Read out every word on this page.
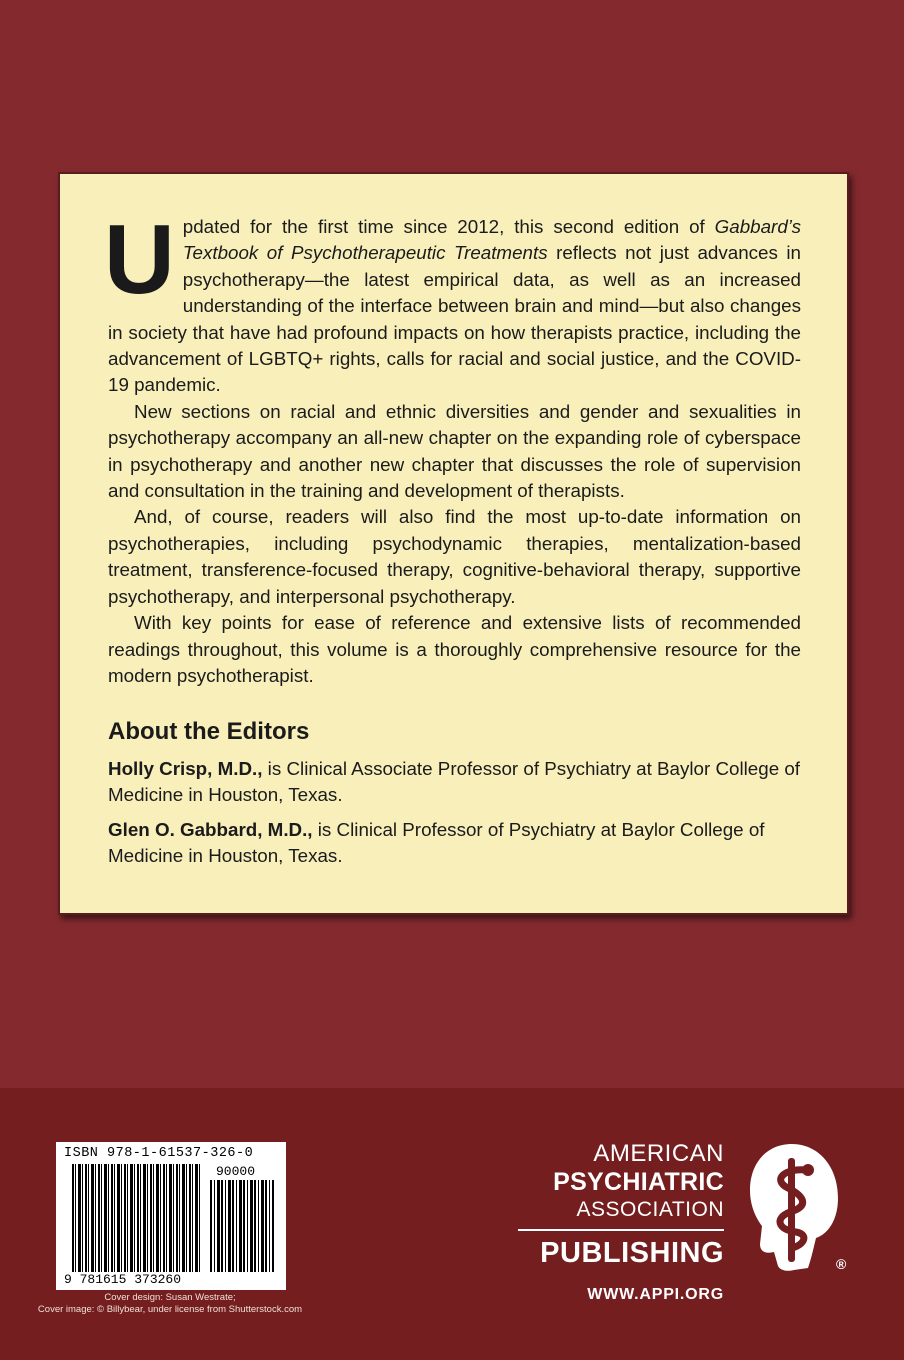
Updated for the first time since 2012, this second edition of Gabbard’s Textbook of Psychotherapeutic Treatments reflects not just advances in psychotherapy—the latest empirical data, as well as an increased understanding of the interface between brain and mind—but also changes in society that have had profound impacts on how therapists practice, including the advancement of LGBTQ+ rights, calls for racial and social justice, and the COVID-19 pandemic.

New sections on racial and ethnic diversities and gender and sexualities in psychotherapy accompany an all-new chapter on the expanding role of cyberspace in psychotherapy and another new chapter that discusses the role of supervision and consultation in the training and development of therapists.

And, of course, readers will also find the most up-to-date information on psychotherapies, including psychodynamic therapies, mentalization-based treatment, transference-focused therapy, cognitive-behavioral therapy, supportive psychotherapy, and interpersonal psychotherapy.

With key points for ease of reference and extensive lists of recommended readings throughout, this volume is a thoroughly comprehensive resource for the modern psychotherapist.

About the Editors

Holly Crisp, M.D., is Clinical Associate Professor of Psychiatry at Baylor College of Medicine in Houston, Texas.

Glen O. Gabbard, M.D., is Clinical Professor of Psychiatry at Baylor College of Medicine in Houston, Texas.

ISBN 978-1-61537-326-0
90000
9 781615 373260
Cover design: Susan Westrate;
Cover image: © Billybear, under license from Shutterstock.com
AMERICAN
PSYCHIATRIC
ASSOCIATION
PUBLISHING	®
WWW.APPI.ORG
